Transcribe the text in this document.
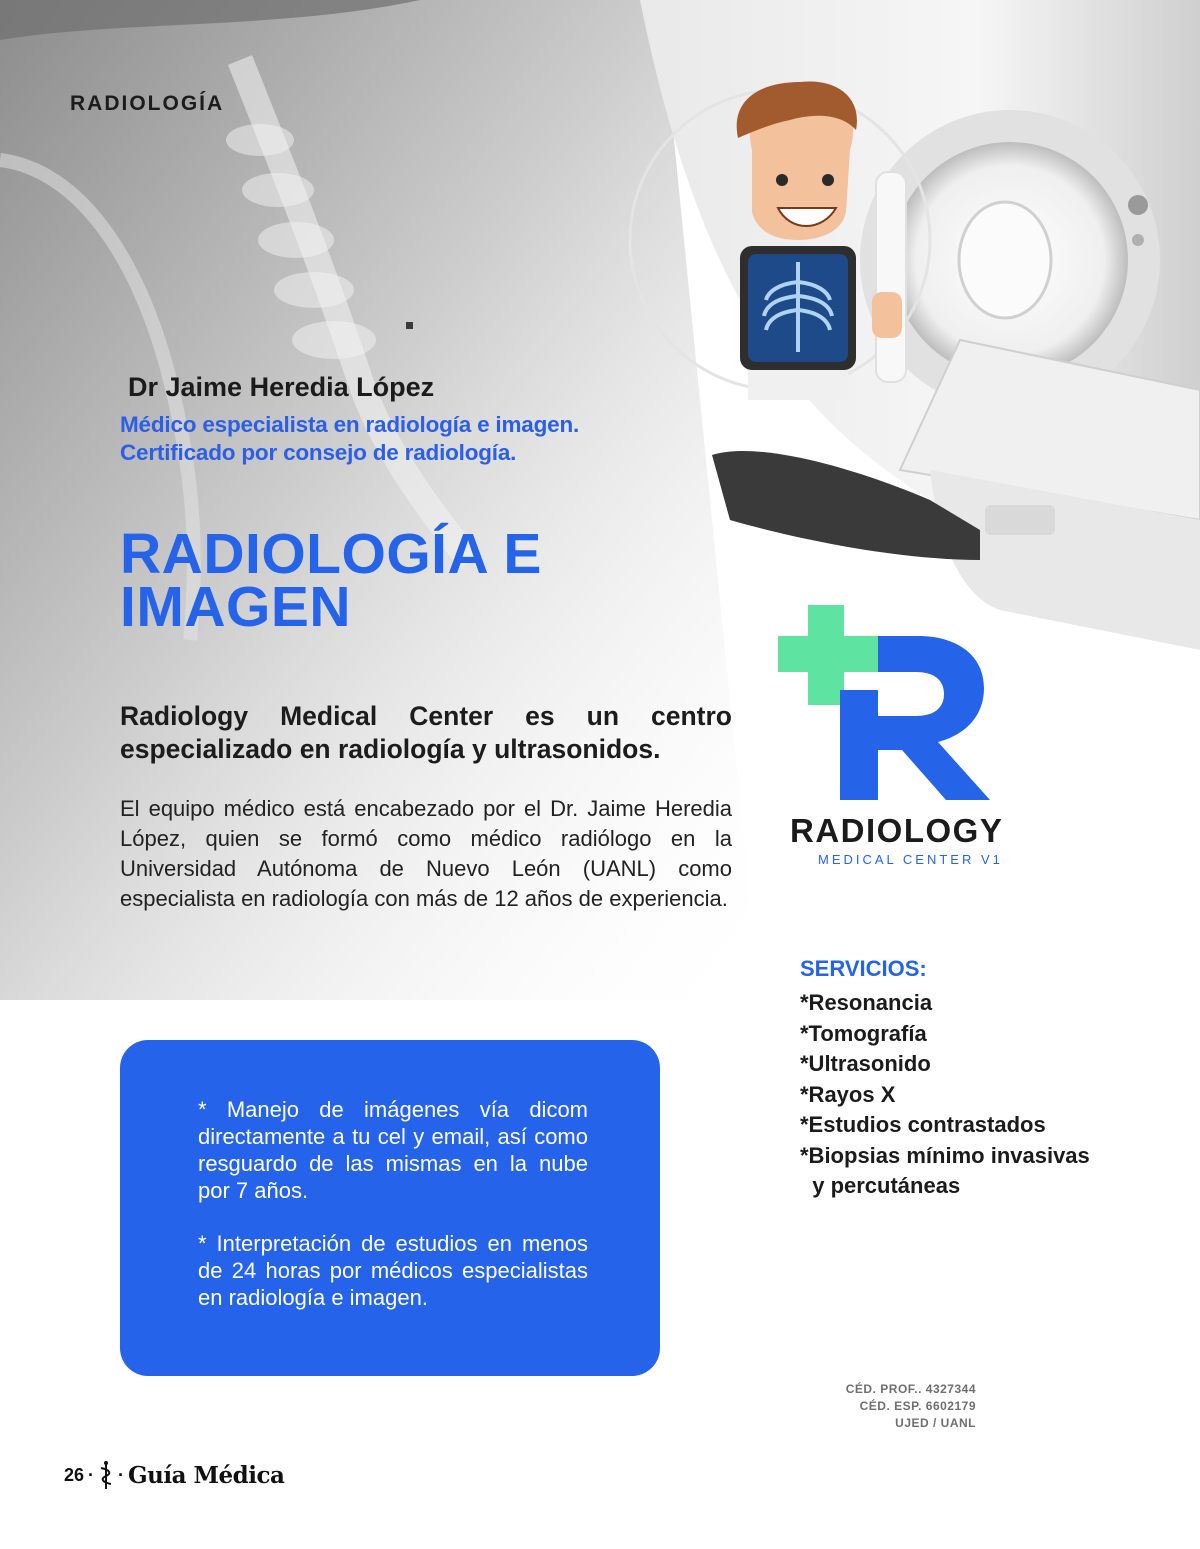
RADIOLOGÍA
Dr Jaime Heredia López
Médico especialista en radiología e imagen.
Certificado por consejo de radiología.
RADIOLOGÍA E IMAGEN

Radiology Medical Center es un centro especializado en radiología y ultrasonidos.

El equipo médico está encabezado por el Dr. Jaime Heredia López, quien se formó como médico radiólogo en la Universidad Autónoma de Nuevo León (UANL) como especialista en radiología con más de 12 años de experiencia.

* Manejo de imágenes vía dicom directamente a tu cel y email, así como resguardo de las mismas en la nube por 7 años.

* Interpretación de estudios en menos de 24 horas por médicos especialistas en radiología e imagen.

RADIOLOGY
MEDICAL CENTER V1
SERVICIOS:
*Resonancia
*Tomografía
*Ultrasonido
*Rayos X
*Estudios contrastados
*Biopsias mínimo invasivas
y percutáneas
CÉD. PROF.. 4327344
CÉD. ESP. 6602179
UJED / UANL
26 · · Guía Médica
